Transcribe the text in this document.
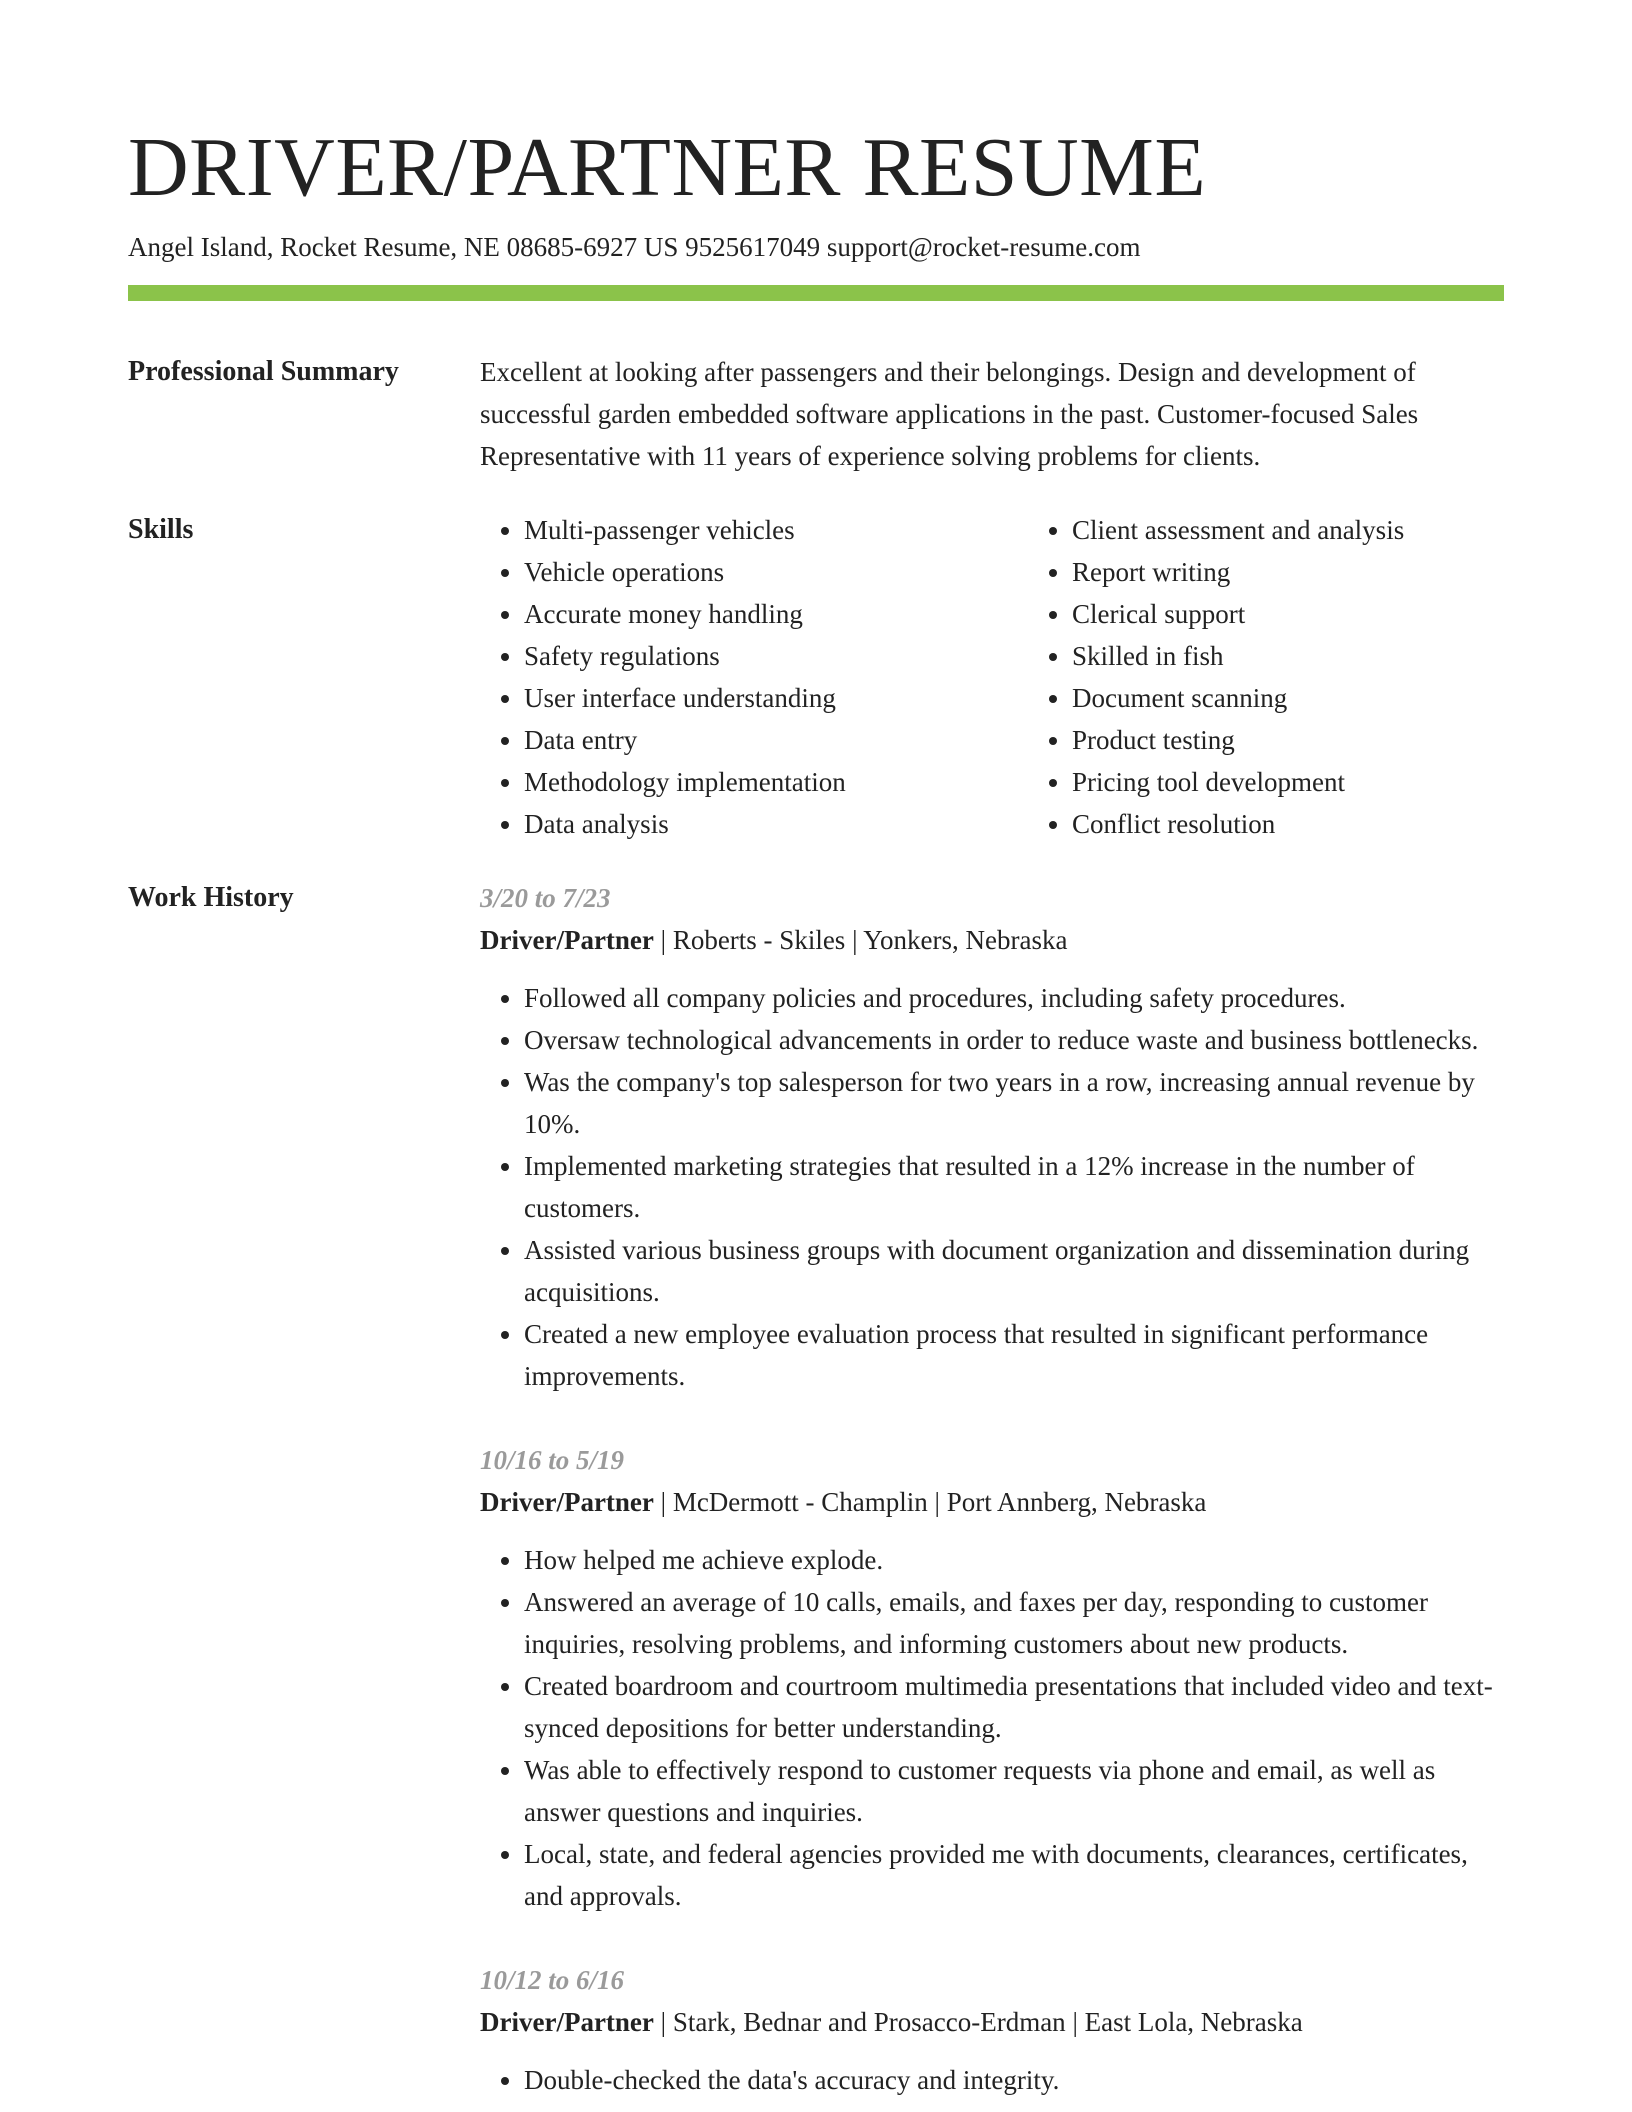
DRIVER/PARTNER RESUME
Angel Island, Rocket Resume, NE 08685-6927 US 9525617049 support@rocket-resume.com
Professional Summary	Excellent at looking after passengers and their belongings. Design and development of successful garden embedded software applications in the past. Customer-focused Sales Representative with 11 years of experience solving problems for clients.
Skills
•	Multi-passenger vehicles
• Vehicle operations
• Accurate money handling
• Safety regulations
• User interface understanding
• Data entry
• Methodology implementation
• Data analysis
• Client assessment and analysis
• Report writing
• Clerical support
• Skilled in fish
• Document scanning
• Product testing
• Pricing tool development
• Conflict resolution
Work History	3/20 to 7/23
Driver/Partner | Roberts - Skiles | Yonkers, Nebraska
• Followed all company policies and procedures, including safety procedures.
• Oversaw technological advancements in order to reduce waste and business bottlenecks.
• Was the company's top salesperson for two years in a row, increasing annual revenue by 10%.
• Implemented marketing strategies that resulted in a 12% increase in the number of customers.
• Assisted various business groups with document organization and dissemination during acquisitions.
• Created a new employee evaluation process that resulted in significant performance improvements.
10/16 to 5/19
Driver/Partner | McDermott - Champlin | Port Annberg, Nebraska
• How helped me achieve explode.
• Answered an average of 10 calls, emails, and faxes per day, responding to customer inquiries, resolving problems, and informing customers about new products.
• Created boardroom and courtroom multimedia presentations that included video and text-synced depositions for better understanding.
• Was able to effectively respond to customer requests via phone and email, as well as answer questions and inquiries.
• Local, state, and federal agencies provided me with documents, clearances, certificates, and approvals.
10/12 to 6/16
Driver/Partner | Stark, Bednar and Prosacco-Erdman | East Lola, Nebraska
• Double-checked the data's accuracy and integrity.
